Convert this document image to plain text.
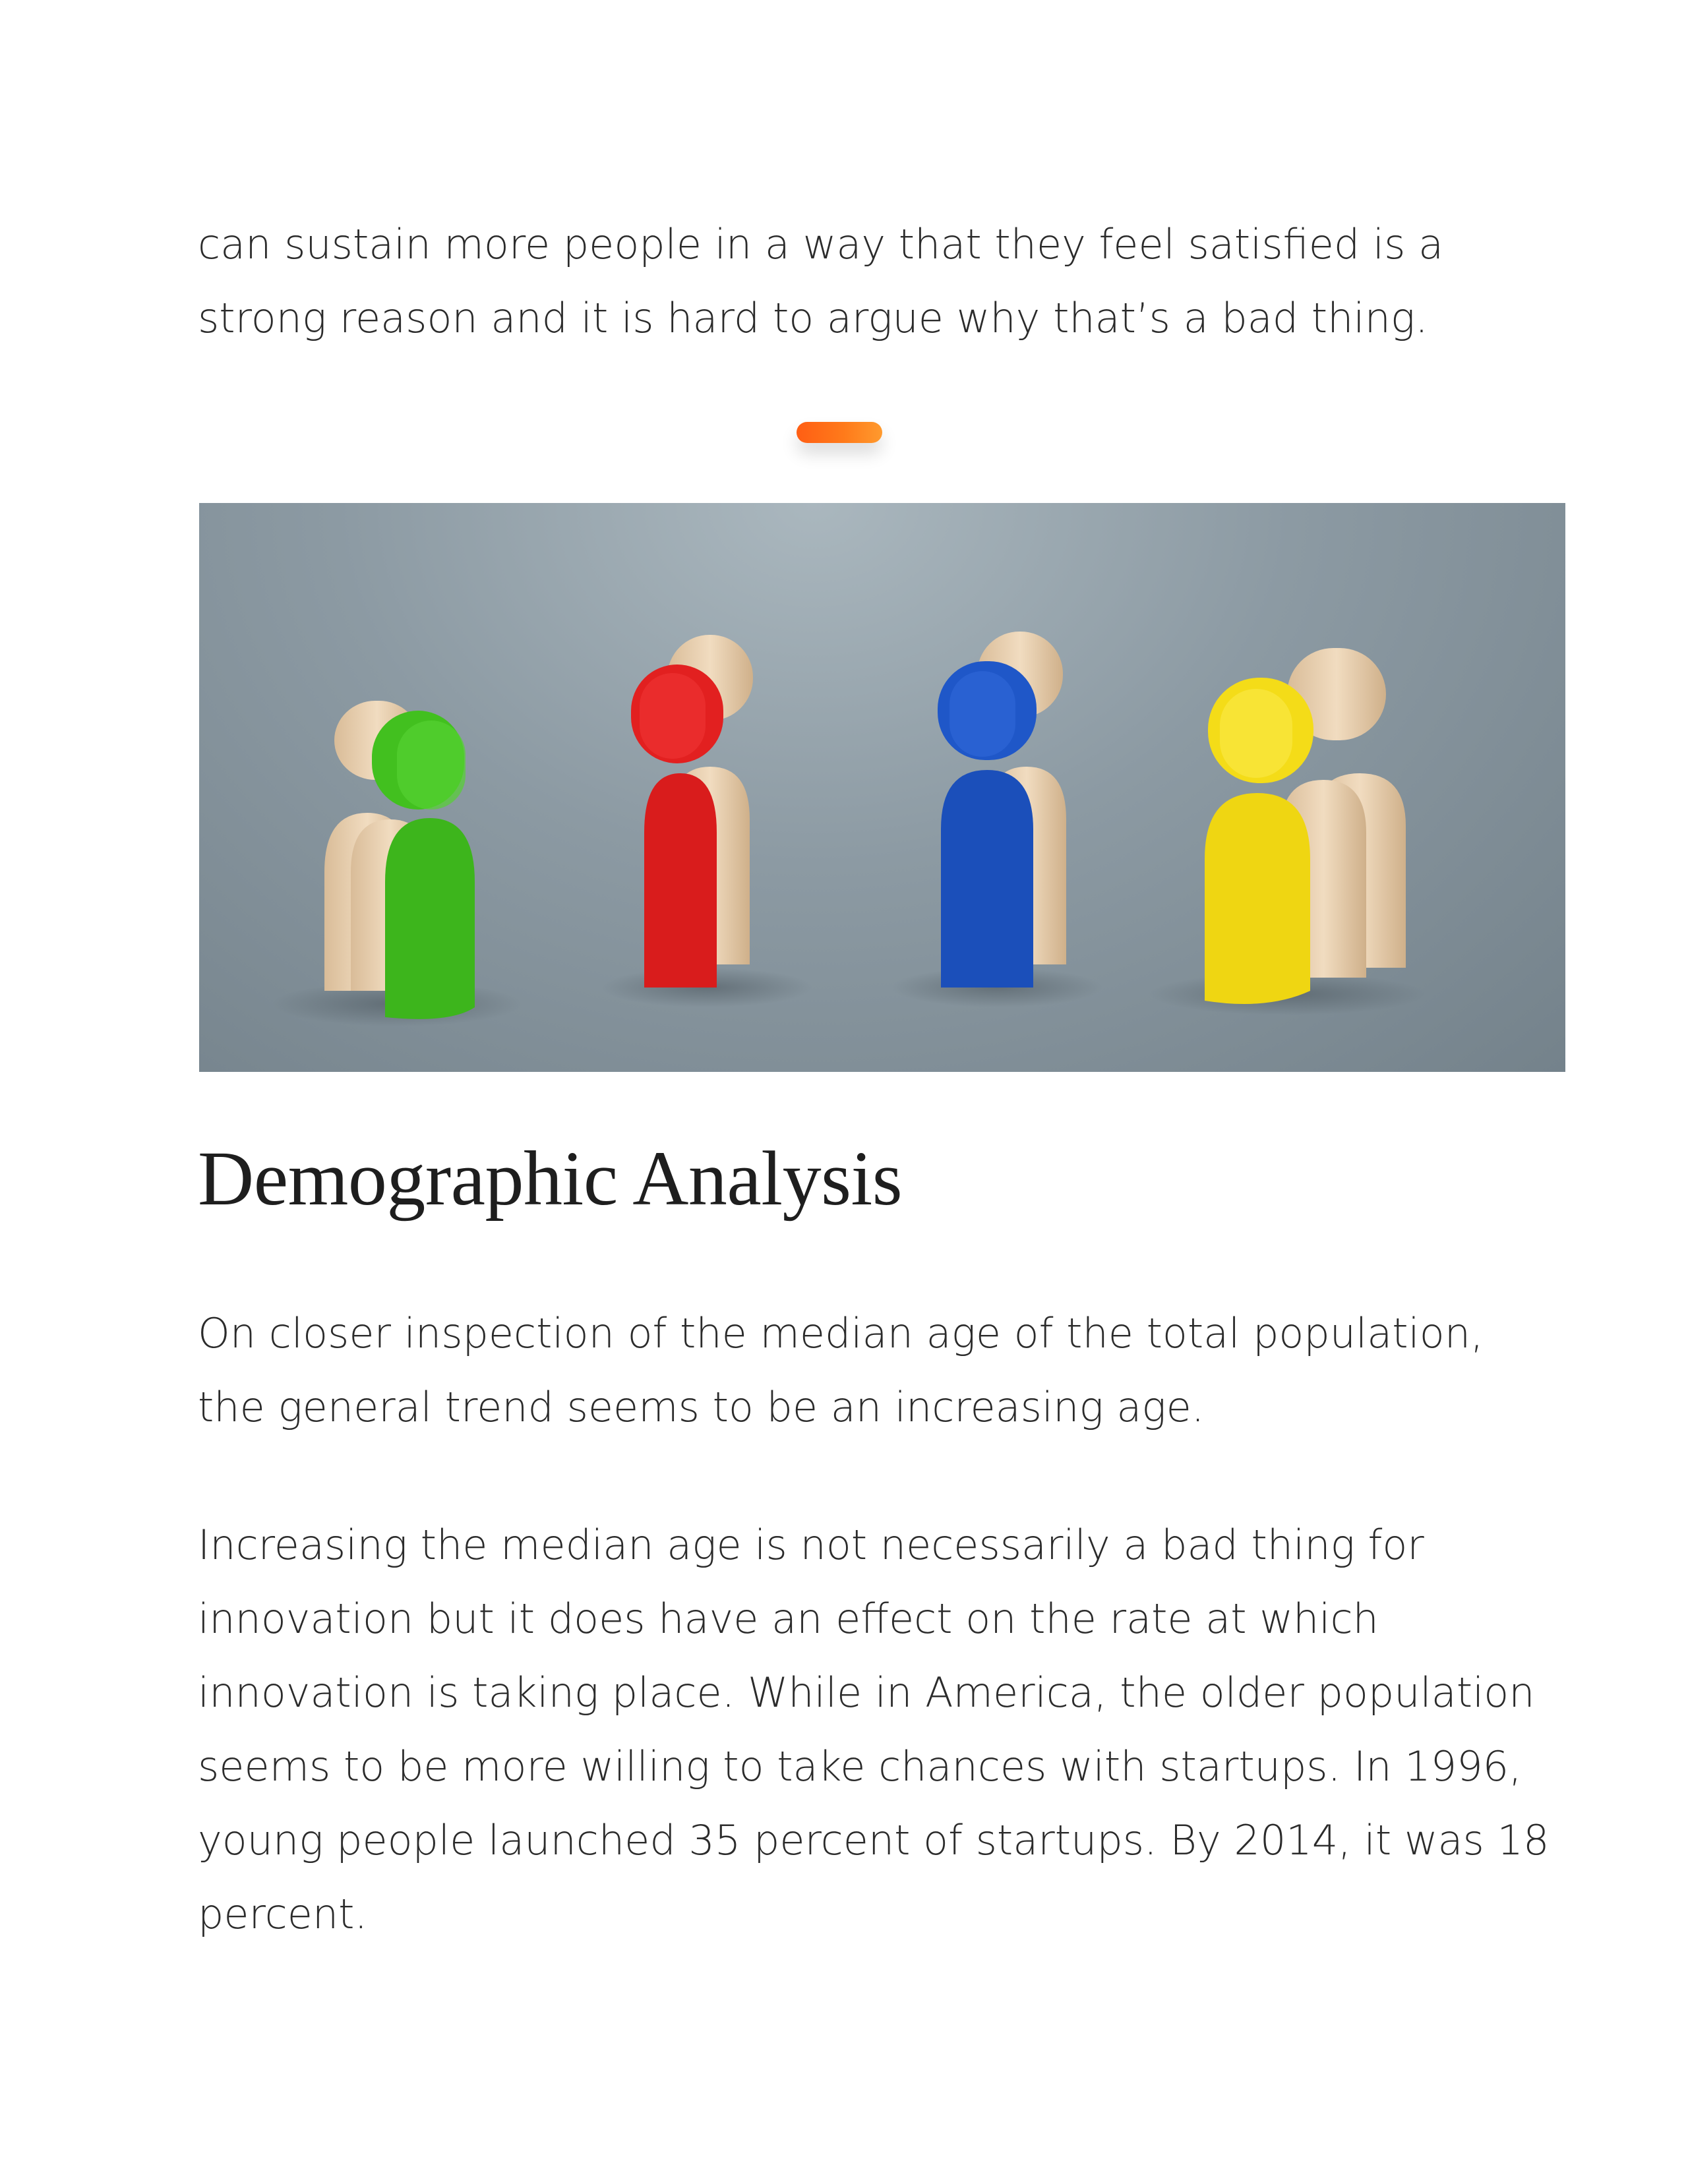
can sustain more people in a way that they feel satisfied is a strong reason and it is hard to argue why that’s a bad thing.

Demographic Analysis

On closer inspection of the median age of the total population, the general trend seems to be an increasing age.

Increasing the median age is not necessarily a bad thing for innovation but it does have an effect on the rate at which innovation is taking place. While in America, the older population seems to be more willing to take chances with startups. In 1996, young people launched 35 percent of startups. By 2014, it was 18 percent.
